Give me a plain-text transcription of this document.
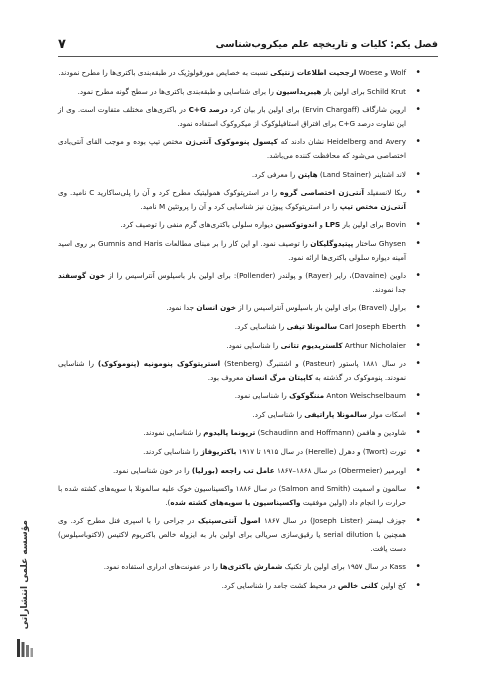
فصل یکم: کلیات و تاریخچه علم میکروب‌شناسی
۷
• Wolf و Woese ارجحیت اطلاعات ژنتیکی نسبت به خصایص مورفولوژیک در طبقه‌بندی باکتری‌ها را مطرح نمودند.
• Schild Krut برای اولین بار هیبریداسیون را برای شناسایی و طبقه‌بندی باکتری‌ها در سطح گونه مطرح نمود.
• اروین شارگاف (Ervin Chargaff) برای اولین بار بیان کرد درصد C+G در باکتری‌های مختلف متفاوت است. وی از این تفاوت درصد C+G برای افتراق استافیلوکوک از میکروکوک استفاده نمود.
• Heidelberg and Avery نشان دادند که کپسول پنوموکوک آنتی‌ژن مختص تیپ بوده و موجب القای آنتی‌بادی اختصاصی می‌شود که محافظت کننده می‌باشد.
• لاند اشتاینر (Land Stainer) هاپتن را معرفی کرد.
• ربکا لانسفیلد آنتی‌ژن اختصاصی گروه را در استرپتوکوک همولیتیک مطرح کرد و آن را پلی‌ساکارید C نامید. وی آنتی‌ژن مختص تیپ را در استرپتوکوک پیوژن نیز شناسایی کرد و آن را پروتئین M نامید.
• Bovin برای اولین بار LPS و اندوتوکسین دیواره سلولی باکتری‌های گرم منفی را توصیف کرد.
• Ghysen ساختار پپتیدوگلیکان را توصیف نمود. او این کار را بر مبنای مطالعات Gumnis and Haris بر روی اسید آمینه دیواره سلولی باکتری‌ها ارائه نمود.
• داوین (Davaine)، رایر (Rayer) و پولندر (Pollender): برای اولین بار باسیلوس آنتراسیس را از خون گوسفند جدا نمودند.
• براول (Bravel) برای اولین بار باسیلوس آنتراسیس را از خون انسان جدا نمود.
• Carl Joseph Eberth سالمونلا تیفی را شناسایی کرد.
• Arthur Nicholaier کلستریدیوم تتانی را شناسایی نمود.
• در سال ۱۸۸۱ پاستور (Pasteur) و اشتنبرگ (Stenberg) استرپتوکوک پنومونیه (پنوموکوک) را شناسایی نمودند. پنوموکوک در گذشته به کاپیتان مرگ انسان معروف بود.
• Anton Weischselbaum مننگوکوک را شناسایی نمود.
• اسکات مولر سالمونلا پاراتیفی را شناسایی کرد.
• شاودین و هافمن (Schaudinn and Hoffmann) ترپونما پالیدوم را شناسایی نمودند.
• تورت (Twort) و دهرل (Herelle) در سال ۱۹۱۵ تا ۱۹۱۷ باکتریوفاژ را شناسایی کردند.
• اوبرمیر (Obermeier) در سال ۱۸۶۸–۱۸۶۷ عامل تب راجعه (بورلیا) را در خون شناسایی نمود.
• سالمون و اسمیت (Salmon and Smith) در سال ۱۸۸۶ واکسیناسیون خوک علیه سالمونلا با سویه‌های کشته شده با حرارت را انجام داد (اولین موفقیت واکسیناسیون با سویه‌های کشته شده).
• جوزف لیستر (Joseph Lister) در سال ۱۸۶۷ اصول آنتی‌سپتیک در جراحی را با اسپری فنل مطرح کرد. وی همچنین با serial dilution یا رقیق‌سازی سریالی برای اولین بار به ایزوله خالص باکتریوم لاکتیس (لاکتوباسیلوس) دست یافت.
• Kass در سال ۱۹۵۷ برای اولین بار تکنیک شمارش باکتری‌ها را در عفونت‌های ادراری استفاده نمود.
• کخ اولین کلنی خالص در محیط کشت جامد را شناسایی کرد.
مؤسسه علمی انتشاراتی
